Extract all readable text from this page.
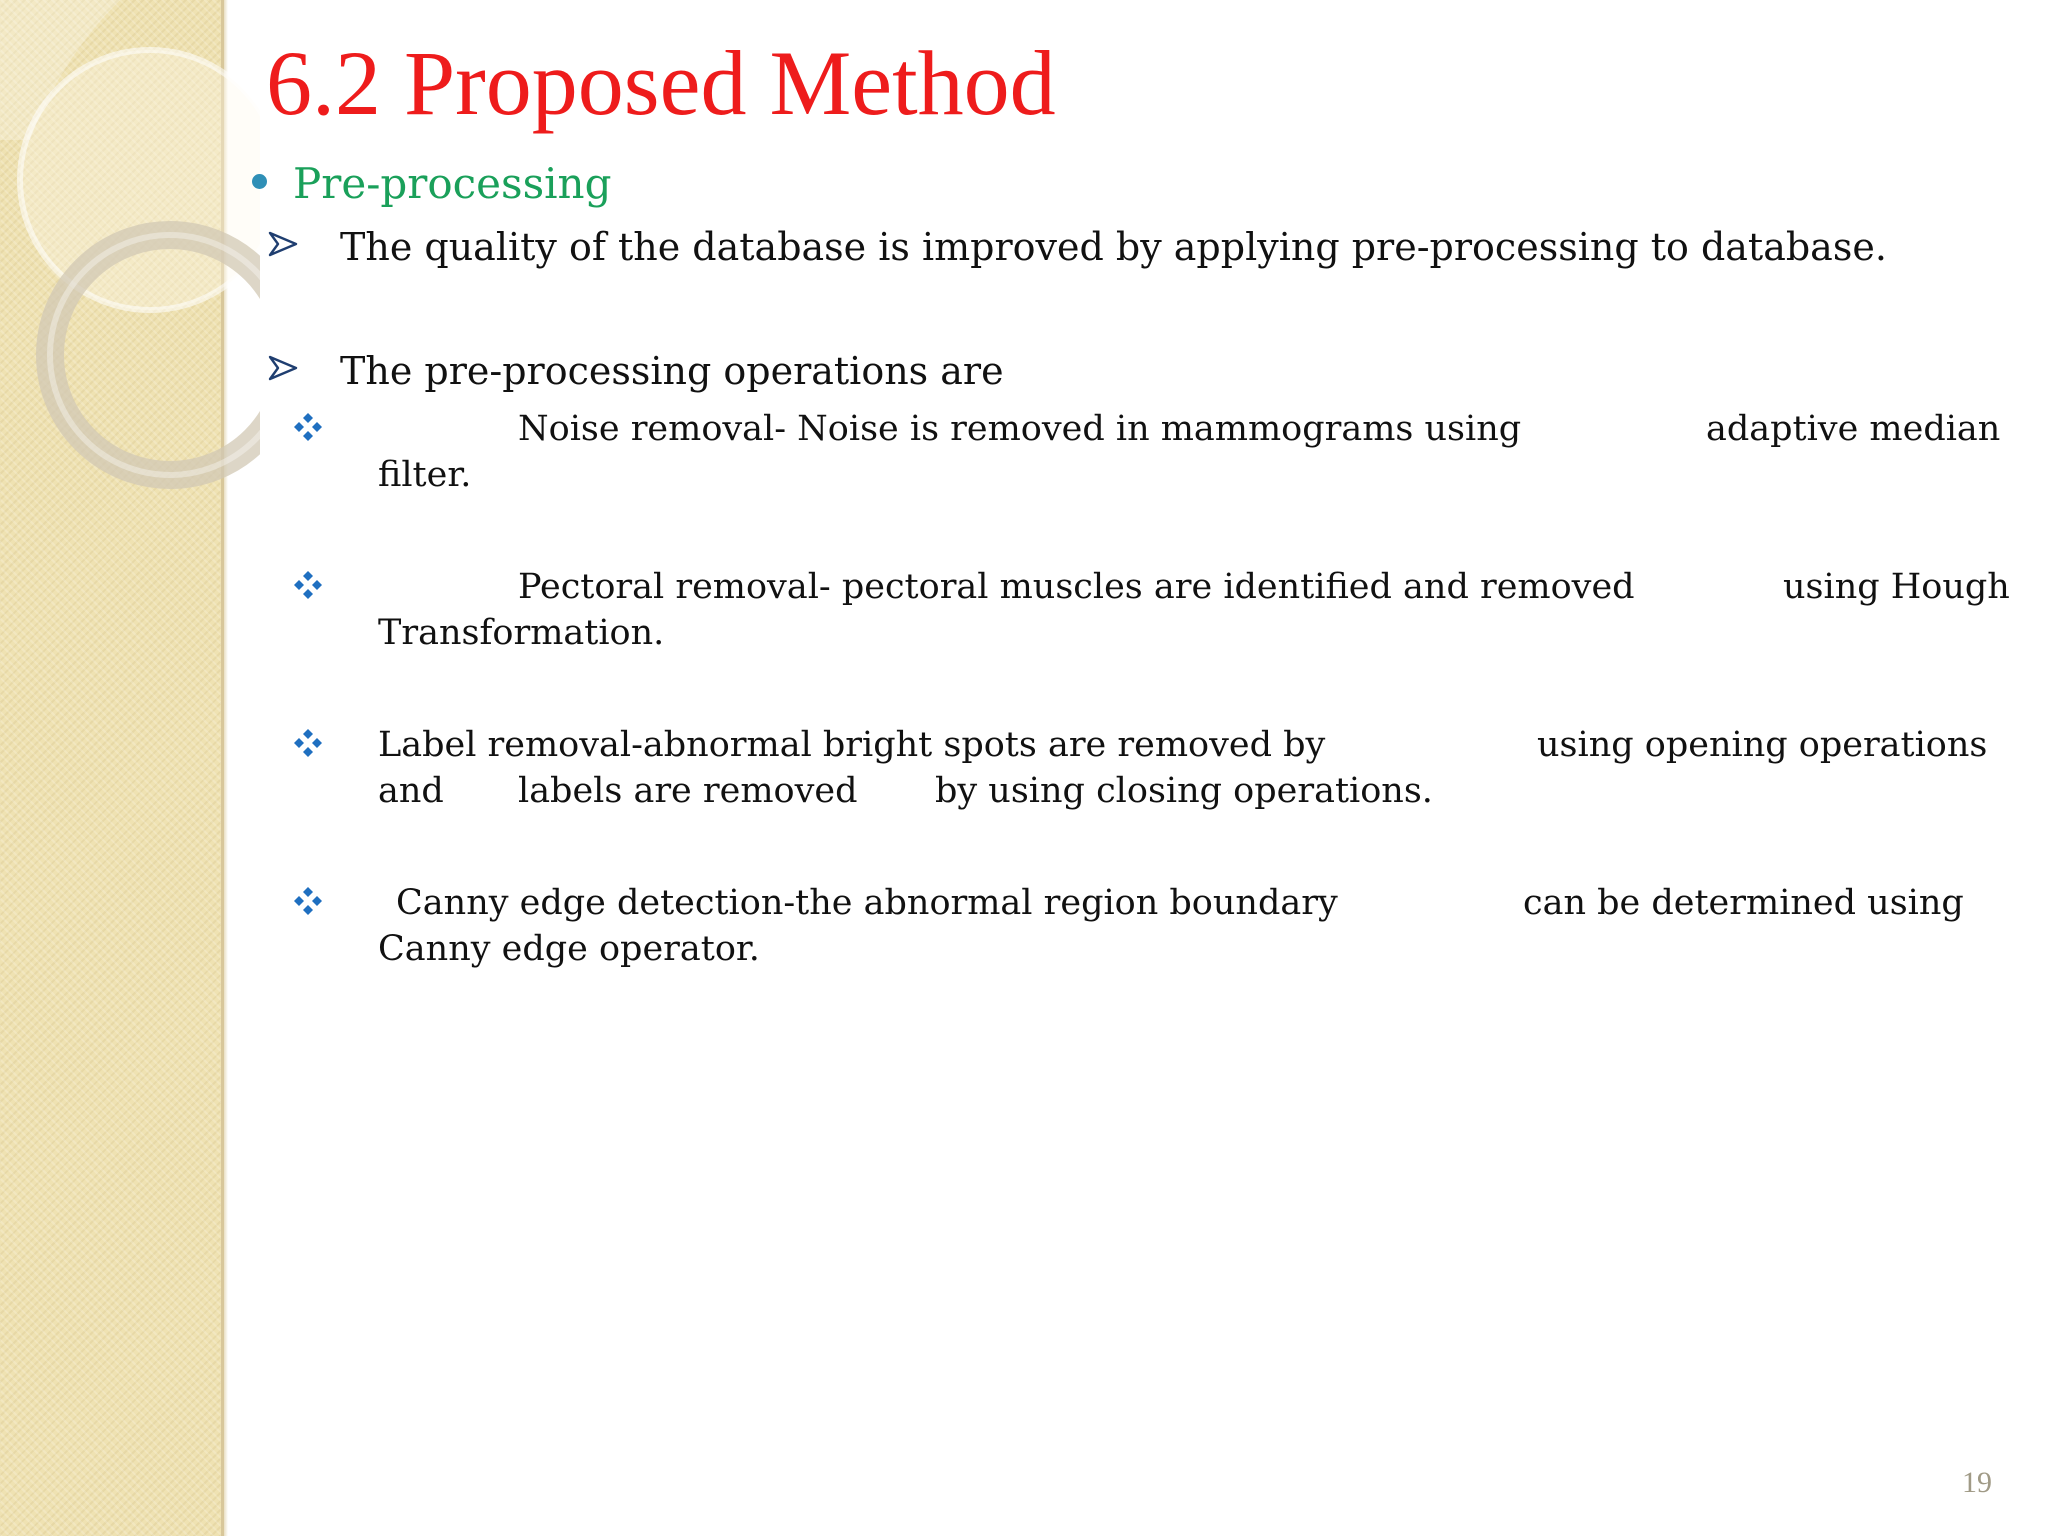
6.2 Proposed Method
Pre-processing
The quality of the database is improved by applying pre-processing to database.
The pre-processing operations are
Noise removal- Noise is removed in mammograms using	adaptive median
filter.
Pectoral removal- pectoral muscles are identified and removed	using Hough
Transformation.
Label removal-abnormal bright spots are removed by	using opening operations
and labels are removed by using closing operations.
Canny edge detection-the abnormal region boundary	can be determined using
Canny edge operator.
19
